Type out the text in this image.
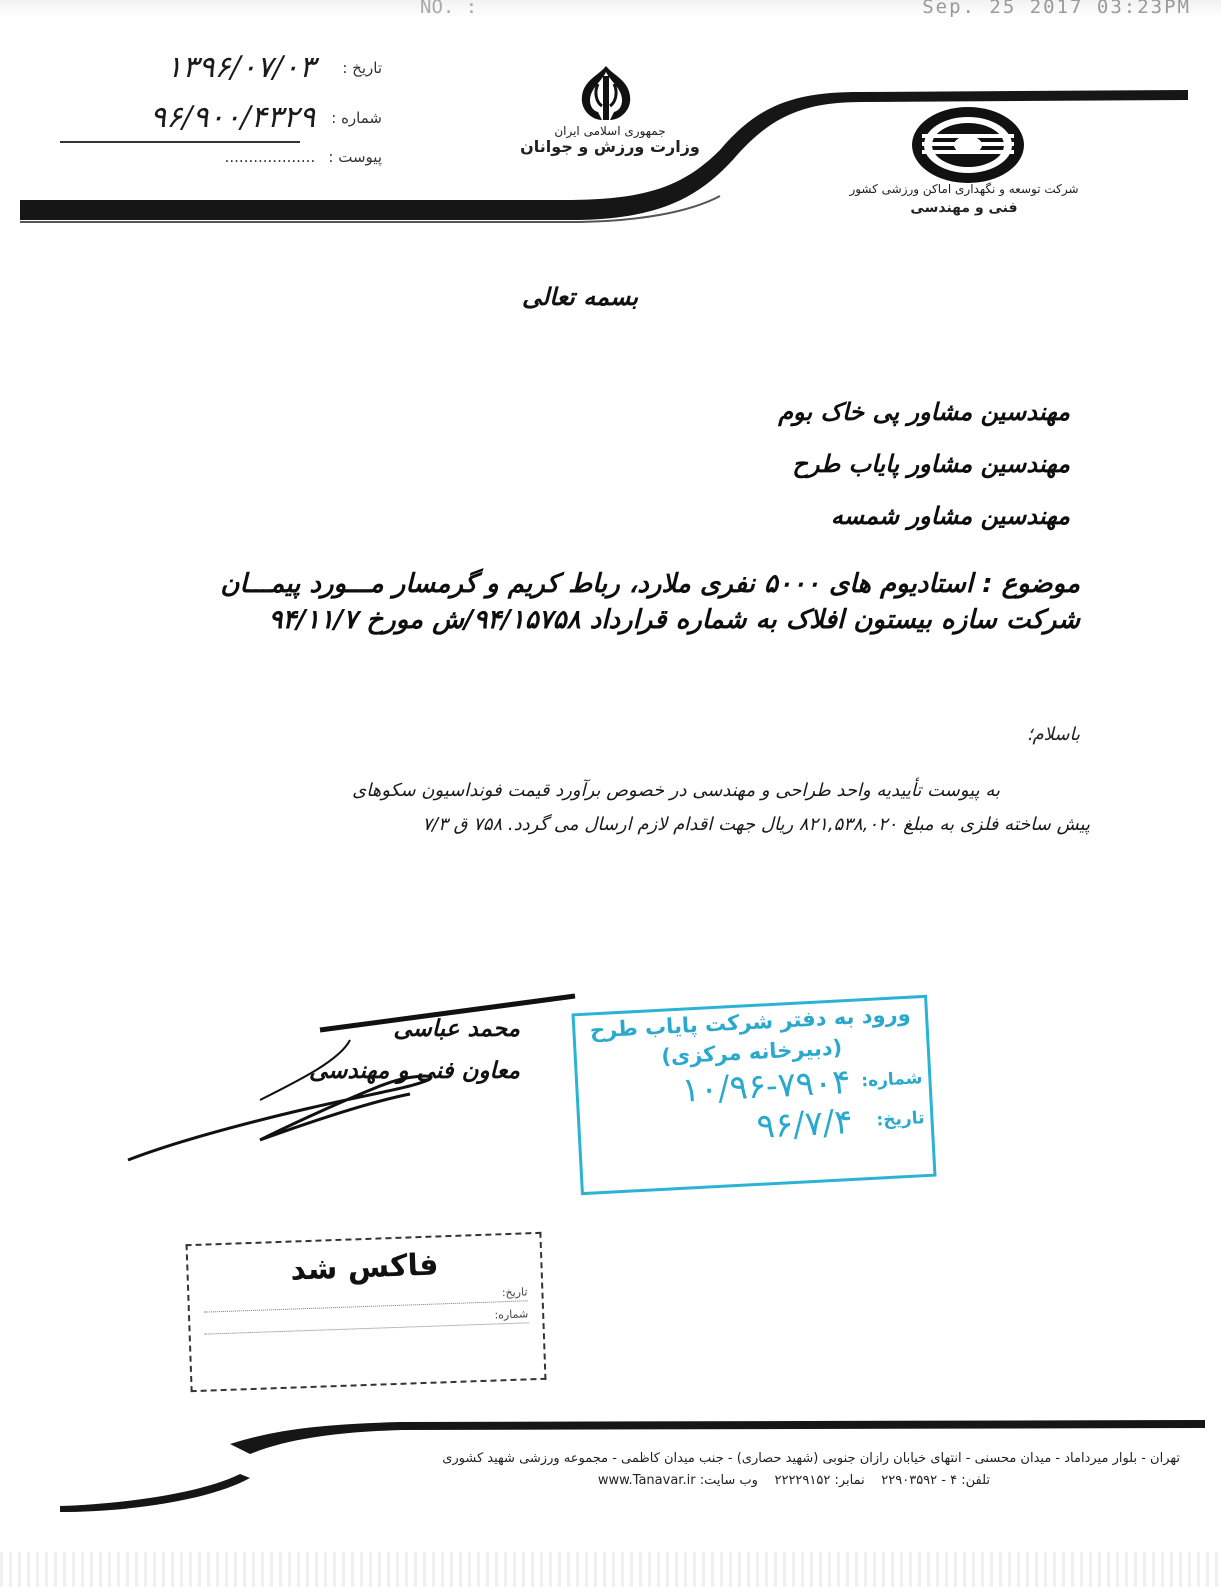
NO. :	Sep. 25 2017 03:23PM
تاریخ : ۱۳۹۶/۰۷/۰۳
شماره : ۹۶/۹۰۰/۴۳۲۹
پیوست : ...................
جمهوری اسلامی ایران
وزارت ورزش و جوانان
شرکت توسعه و نگهداری اماکن ورزشی کشور
فنی و مهندسی
بسمه تعالی
مهندسین مشاور پی خاک بوم
مهندسین مشاور پایاب طرح
مهندسین مشاور شمسه
موضوع : استادیوم های ۵۰۰۰ نفری ملارد، رباط کریم و گرمسار مـــورد پیمـــان
شرکت سازه بیستون افلاک به شماره قرارداد ۹۴/۱۵۷۵۸/ش مورخ ۹۴/۱۱/۷
باسلام؛
به پیوست تأییدیه واحد طراحی و مهندسی در خصوص برآورد قیمت فونداسیون سکوهای
پیش ساخته فلزی به مبلغ ۸۲۱,۵۳۸,۰۲۰ ریال جهت اقدام لازم ارسال می گردد. ۷۵۸ ق ۷/۳
محمد عباسی
معاون فنی و مهندسی
ورود به دفتر شرکت پایاب طرح
(دبیرخانه مرکزی)
شماره:
۱۰/۹۶-۷۹۰۴
تاریخ:
۹۶/۷/۴
فاکس شد
تاریخ:
شماره:
تهران - بلوار میرداماد - میدان محسنی - انتهای خیابان رازان جنوبی (شهید حصاری) - جنب میدان کاظمی - مجموعه ورزشی شهید کشوری
تلفن: ۴ - ۲۲۹۰۳۵۹۲    نمابر: ۲۲۲۲۹۱۵۲    وب سایت: www.Tanavar.ir
